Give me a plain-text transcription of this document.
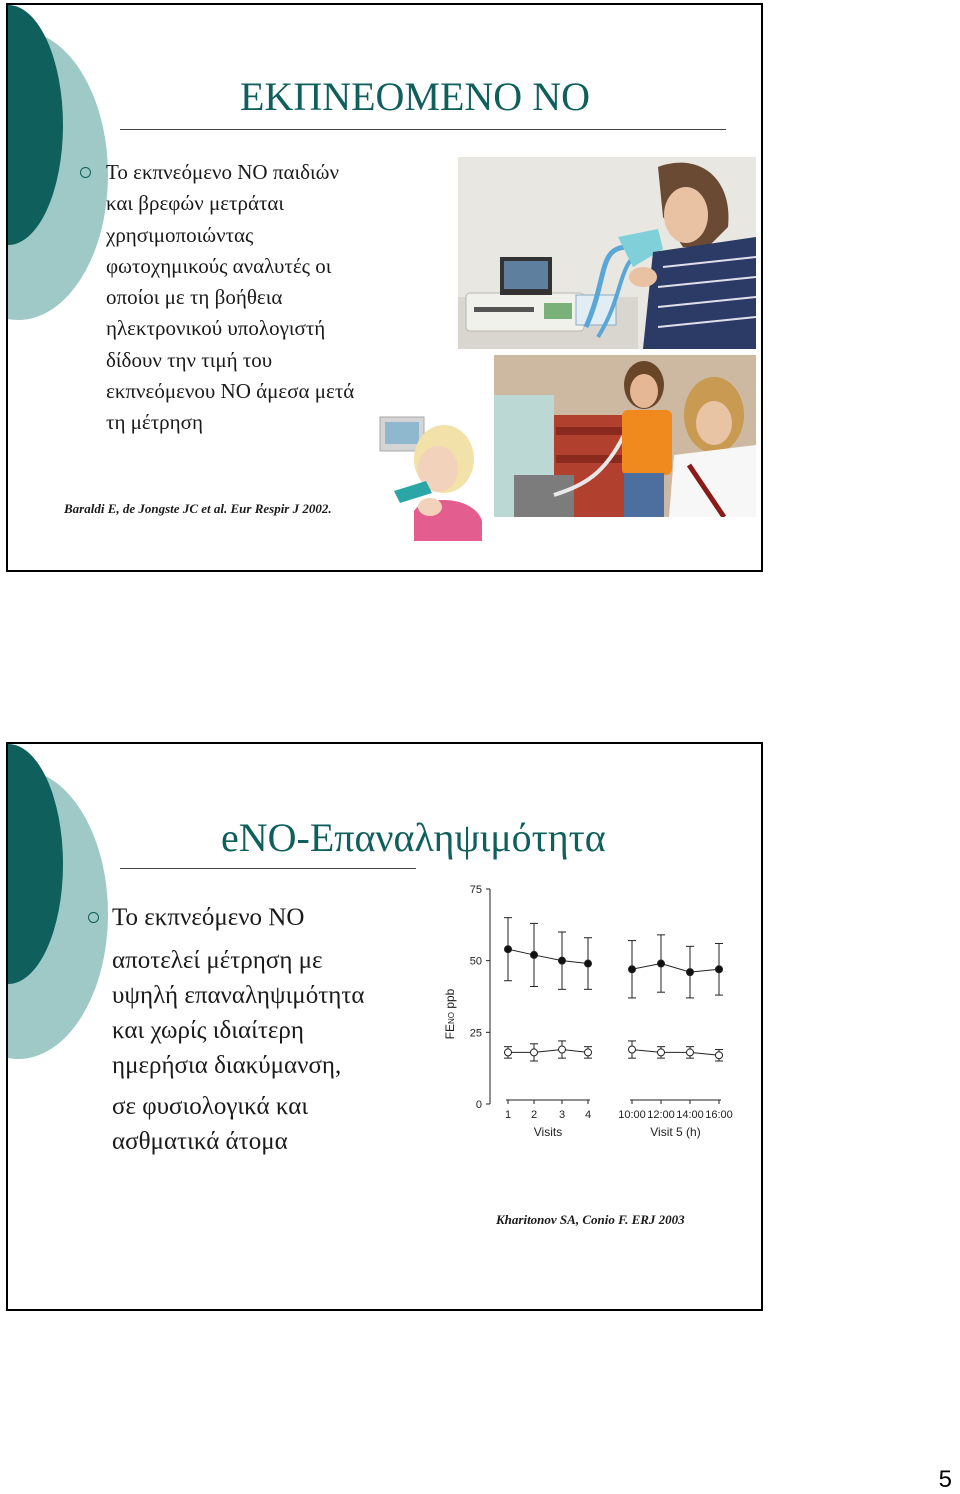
ΕΚΠΝΕΟΜΕΝΟ ΝΟ
Το εκπνεόμενο ΝΟ παιδιών
και βρεφών μετράται
χρησιμοποιώντας
φωτοχημικούς αναλυτές οι
οποίοι με τη βοήθεια
ηλεκτρονικού υπολογιστή
δίδουν την τιμή του
εκπνεόμενου ΝΟ άμεσα μετά
τη μέτρηση
Baraldi E, de Jongste JC et al. Eur Respir J 2002.
eNO-Επαναληψιμότητα
Το εκπνεόμενο ΝΟ
αποτελεί μέτρηση με
υψηλή επαναληψιμότητα
και χωρίς ιδιαίτερη
ημερήσια διακύμανση,
σε φυσιολογικά και
ασθματικά άτομα
0
25
50
75
FENO ppb
1 2 3 4
Visits
10:00 12:00 14:00 16:00
Visit 5 (h)
Kharitonov SA, Conio F. ERJ 2003
5
